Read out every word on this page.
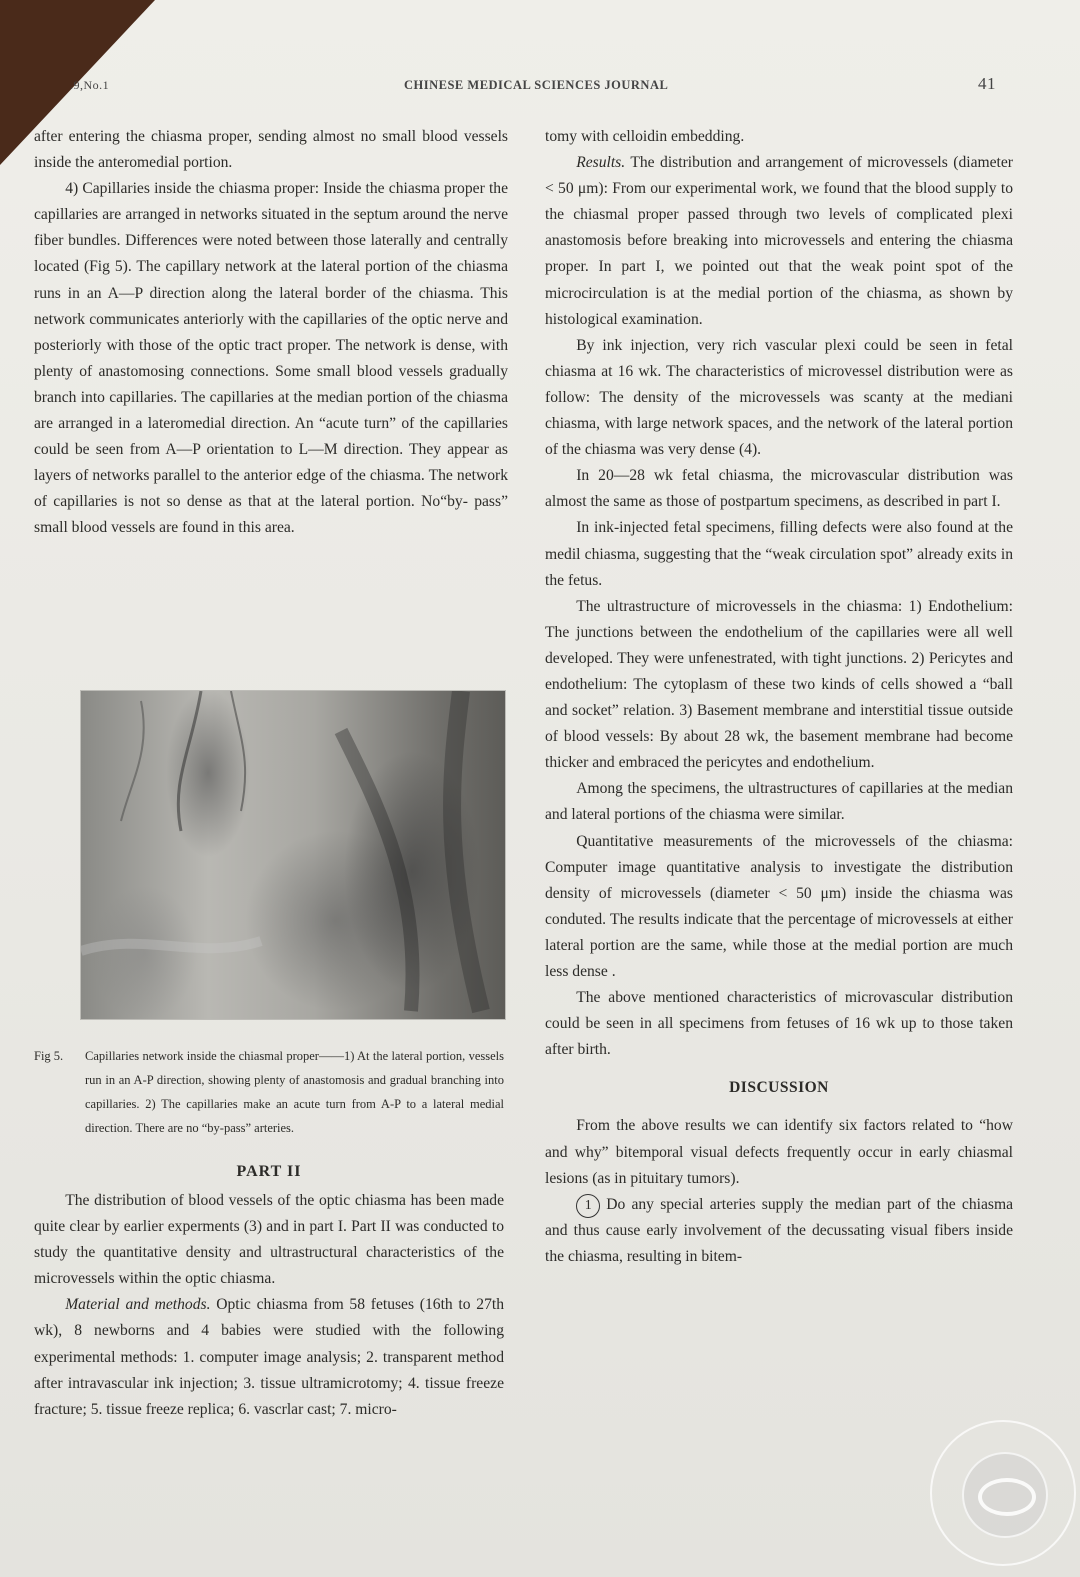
.9,No.1	CHINESE MEDICAL SCIENCES JOURNAL	41

after entering the chiasma proper, sending almost no small blood vessels inside the anteromedial portion.

4) Capillaries inside the chiasma proper: Inside the chiasma proper the capillaries are arranged in networks situated in the septum around the nerve fiber bundles. Differences were noted between those laterally and centrally located (Fig 5). The capillary network at the lateral portion of the chiasma runs in an A—P direction along the lateral border of the chiasma. This network communicates anteriorly with the capillaries of the optic nerve and posteriorly with those of the optic tract proper. The network is dense, with plenty of anastomosing connections. Some small blood vessels gradually branch into capillaries. The capillaries at the median portion of the chiasma are arranged in a lateromedial direction. An “acute turn” of the capillaries could be seen from A—P orientation to L—M direction. They appear as layers of networks parallel to the anterior edge of the chiasma. The network of capillaries is not so dense as that at the lateral portion. No“by- pass” small blood vessels are found in this area.

Fig 5.	Capillaries network inside the chiasmal proper——1) At the lateral portion, vessels run in an A-P direction, showing plenty of anastomosis and gradual branching into capillaries. 2) The capillaries make an acute turn from A-P to a lateral medial direction. There are no “by-pass” arteries.
PART II

The distribution of blood vessels of the optic chiasma has been made quite clear by earlier experments (3) and in part I. Part II was conducted to study the quantitative density and ultrastructural characteristics of the microvessels within the optic chiasma.

Material and methods. Optic chiasma from 58 fetuses (16th to 27th wk), 8 newborns and 4 babies were studied with the following experimental methods: 1. computer image analysis; 2. transparent method after intravascular ink injection; 3. tissue ultramicrotomy; 4. tissue freeze fracture; 5. tissue freeze replica; 6. vascrlar cast; 7. micro-

tomy with celloidin embedding.

Results. The distribution and arrangement of microvessels (diameter < 50 μm): From our experimental work, we found that the blood supply to the chiasmal proper passed through two levels of complicated plexi anastomosis before breaking into microvessels and entering the chiasma proper. In part I, we pointed out that the weak point spot of the microcirculation is at the medial portion of the chiasma, as shown by histological examination.

By ink injection, very rich vascular plexi could be seen in fetal chiasma at 16 wk. The characteristics of microvessel distribution were as follow: The density of the microvessels was scanty at the mediani chiasma, with large network spaces, and the network of the lateral portion of the chiasma was very dense (4).

In 20—28 wk fetal chiasma, the microvascular distribution was almost the same as those of postpartum specimens, as described in part I.

In ink-injected fetal specimens, filling defects were also found at the medil chiasma, suggesting that the “weak circulation spot” already exits in the fetus.

The ultrastructure of microvessels in the chiasma: 1) Endothelium: The junctions between the endothelium of the capillaries were all well developed. They were unfenestrated, with tight junctions. 2) Pericytes and endothelium: The cytoplasm of these two kinds of cells showed a “ball and socket” relation. 3) Basement membrane and interstitial tissue outside of blood vessels: By about 28 wk, the basement membrane had become thicker and embraced the pericytes and endothelium.

Among the specimens, the ultrastructures of capillaries at the median and lateral portions of the chiasma were similar.

Quantitative measurements of the microvessels of the chiasma: Computer image quantitative analysis to investigate the distribution density of microvessels (diameter < 50 μm) inside the chiasma was conduted. The results indicate that the percentage of microvessels at either lateral portion are the same, while those at the medial portion are much less dense .

The above mentioned characteristics of microvascular distribution could be seen in all specimens from fetuses of 16 wk up to those taken after birth.

DISCUSSION

From the above results we can identify six factors related to “how and why” bitemporal visual defects frequently occur in early chiasmal lesions (as in pituitary tumors).

1 Do any special arteries supply the median part of the chiasma and thus cause early involvement of the decussating visual fibers inside the chiasma, resulting in bitem-
